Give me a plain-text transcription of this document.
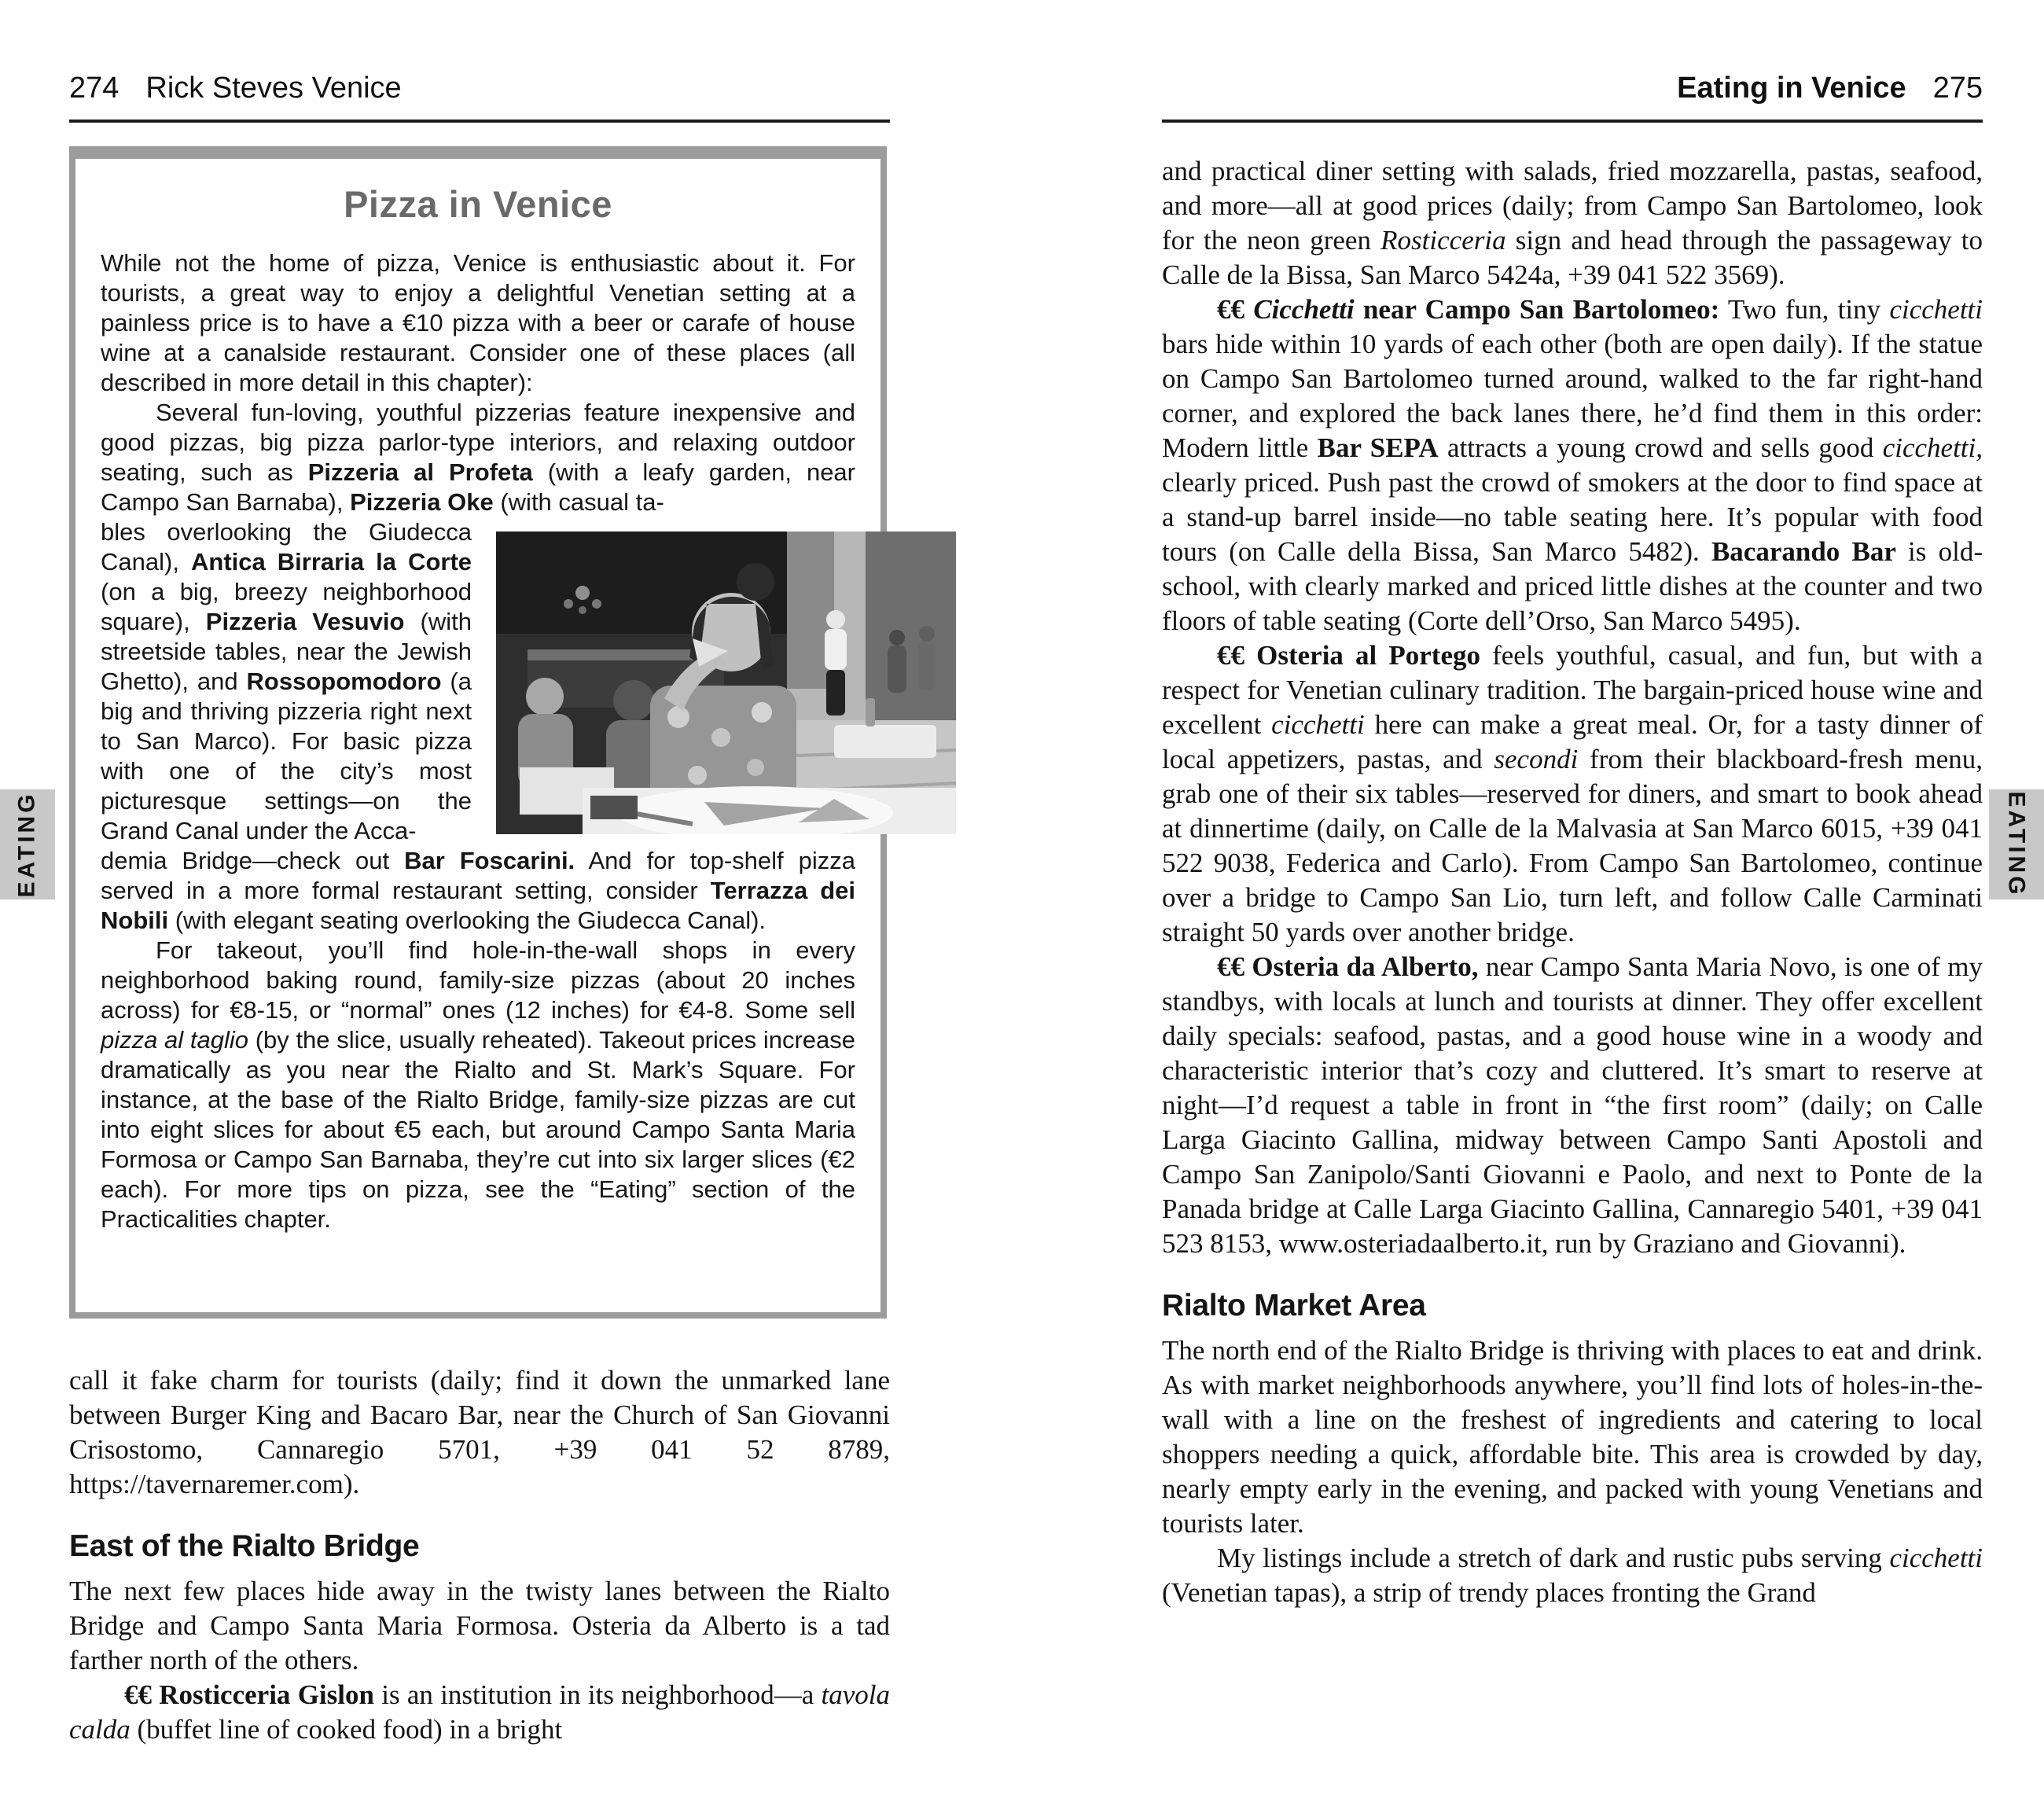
274 Rick Steves Venice
Pizza in Venice

While not the home of pizza, Venice is enthusiastic about it. For tourists, a great way to enjoy a delightful Venetian setting at a painless price is to have a €10 pizza with a beer or carafe of house wine at a canalside restaurant. Consider one of these places (all described in more detail in this chapter):

Several fun-loving, youthful pizzerias feature inexpensive and good pizzas, big pizza parlor-type interiors, and relaxing outdoor seating, such as Pizzeria al Profeta (with a leafy garden, near Campo San Barnaba), Pizzeria Oke (with casual ta-

bles overlooking the Giudecca Canal), Antica Birraria la Corte (on a big, breezy neighborhood square), Pizzeria Vesuvio (with streetside tables, near the Jewish Ghetto), and Rossopomodoro (a big and thriving pizzeria right next to San Marco). For basic pizza with one of the city’s most picturesque settings—on the Grand Canal under the Acca-

demia Bridge—check out Bar Foscarini. And for top-shelf pizza served in a more formal restaurant setting, consider Terrazza dei Nobili (with elegant seating overlooking the Giudecca Canal).

For takeout, you’ll find hole-in-the-wall shops in every neighborhood baking round, family-size pizzas (about 20 inches across) for €8-15, or “normal” ones (12 inches) for €4-8. Some sell pizza al taglio (by the slice, usually reheated). Takeout prices increase dramatically as you near the Rialto and St. Mark’s Square. For instance, at the base of the Rialto Bridge, family-size pizzas are cut into eight slices for about €5 each, but around Campo Santa Maria Formosa or Campo San Barnaba, they’re cut into six larger slices (€2 each). For more tips on pizza, see the “Eating” section of the Practicalities chapter.

EATING

call it fake charm for tourists (daily; find it down the unmarked lane between Burger King and Bacaro Bar, near the Church of San Giovanni Crisostomo, Cannaregio 5701, +39 041 52 8789, https://tavernaremer.com).

East of the Rialto Bridge

The next few places hide away in the twisty lanes between the Rialto Bridge and Campo Santa Maria Formosa. Osteria da Alberto is a tad farther north of the others.

€€ Rosticceria Gislon is an institution in its neighborhood—a tavola calda (buffet line of cooked food) in a bright

Eating in Venice 275

and practical diner setting with salads, fried mozzarella, pastas, seafood, and more—all at good prices (daily; from Campo San Bartolomeo, look for the neon green Rosticceria sign and head through the passageway to Calle de la Bissa, San Marco 5424a, +39 041 522 3569).

€€ Cicchetti near Campo San Bartolomeo: Two fun, tiny cicchetti bars hide within 10 yards of each other (both are open daily). If the statue on Campo San Bartolomeo turned around, walked to the far right-hand corner, and explored the back lanes there, he’d find them in this order: Modern little Bar SEPA attracts a young crowd and sells good cicchetti, clearly priced. Push past the crowd of smokers at the door to find space at a stand-up barrel inside—no table seating here. It’s popular with food tours (on Calle della Bissa, San Marco 5482). Bacarando Bar is old-school, with clearly marked and priced little dishes at the counter and two floors of table seating (Corte dell’Orso, San Marco 5495).

€€ Osteria al Portego feels youthful, casual, and fun, but with a respect for Venetian culinary tradition. The bargain-priced house wine and excellent cicchetti here can make a great meal. Or, for a tasty dinner of local appetizers, pastas, and secondi from their blackboard-fresh menu, grab one of their six tables—reserved for diners, and smart to book ahead at dinnertime (daily, on Calle de la Malvasia at San Marco 6015, +39 041 522 9038, Federica and Carlo). From Campo San Bartolomeo, continue over a bridge to Campo San Lio, turn left, and follow Calle Carminati straight 50 yards over another bridge.

€€ Osteria da Alberto, near Campo Santa Maria Novo, is one of my standbys, with locals at lunch and tourists at dinner. They offer excellent daily specials: seafood, pastas, and a good house wine in a woody and characteristic interior that’s cozy and cluttered. It’s smart to reserve at night—I’d request a table in front in “the first room” (daily; on Calle Larga Giacinto Gallina, midway between Campo Santi Apostoli and Campo San Zanipolo/Santi Giovanni e Paolo, and next to Ponte de la Panada bridge at Calle Larga Giacinto Gallina, Cannaregio 5401, +39 041 523 8153, www.osteriadaalberto.it, run by Graziano and Giovanni).

Rialto Market Area

The north end of the Rialto Bridge is thriving with places to eat and drink. As with market neighborhoods anywhere, you’ll find lots of holes-in-the-wall with a line on the freshest of ingredients and catering to local shoppers needing a quick, affordable bite. This area is crowded by day, nearly empty early in the evening, and packed with young Venetians and tourists later.

My listings include a stretch of dark and rustic pubs serving cicchetti (Venetian tapas), a strip of trendy places fronting the Grand

EATING
